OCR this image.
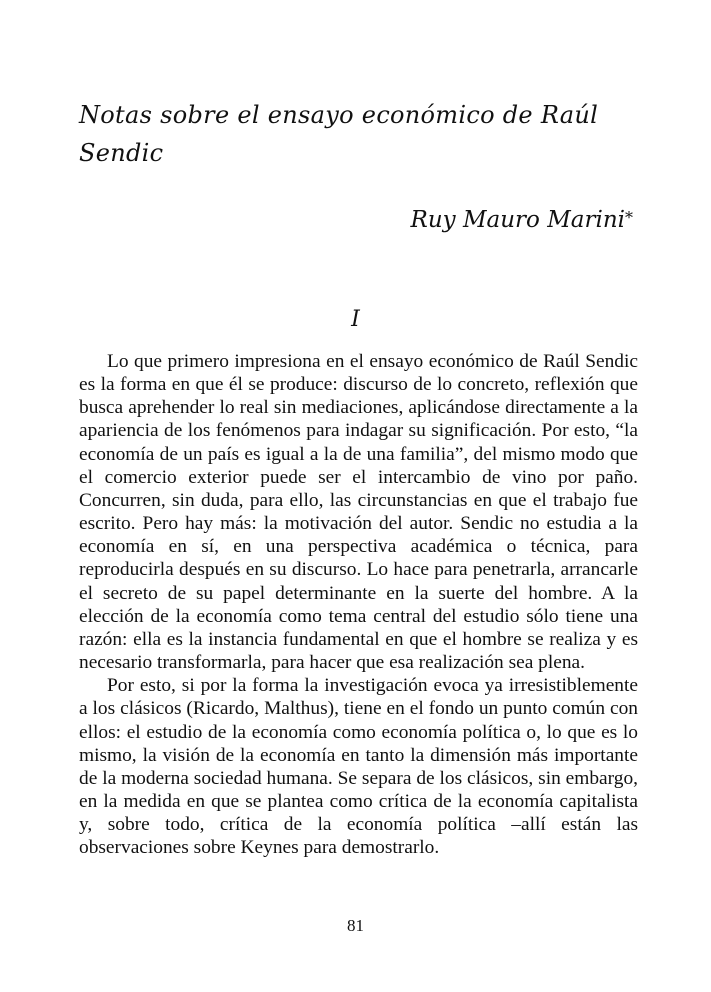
Notas sobre el ensayo económico de Raúl Sendic

Ruy Mauro Marini*

I

Lo que primero impresiona en el ensayo económico de Raúl Sendic es la forma en que él se produce: discurso de lo concreto, reflexión que busca aprehender lo real sin mediaciones, aplicándose directamente a la apariencia de los fenómenos para indagar su significación. Por esto, “la economía de un país es igual a la de una familia”, del mismo modo que el comercio exterior puede ser el intercambio de vino por paño. Concurren, sin duda, para ello, las circunstancias en que el trabajo fue escrito. Pero hay más: la motivación del autor. Sendic no estudia a la economía en sí, en una perspectiva académica o técnica, para reproducirla después en su discurso. Lo hace para penetrarla, arrancarle el secreto de su papel determinante en la suerte del hombre. A la elección de la economía como tema central del estudio sólo tiene una razón: ella es la instancia fundamental en que el hombre se realiza y es necesario transformarla, para hacer que esa realización sea plena.

Por esto, si por la forma la investigación evoca ya irresistiblemente a los clásicos (Ricardo, Malthus), tiene en el fondo un punto común con ellos: el estudio de la economía como economía política o, lo que es lo mismo, la visión de la economía en tanto la dimensión más importante de la moderna sociedad humana. Se separa de los clásicos, sin embargo, en la medida en que se plantea como crítica de la economía capitalista y, sobre todo, crítica de la economía política –allí están las observaciones sobre Keynes para demostrarlo.

81
